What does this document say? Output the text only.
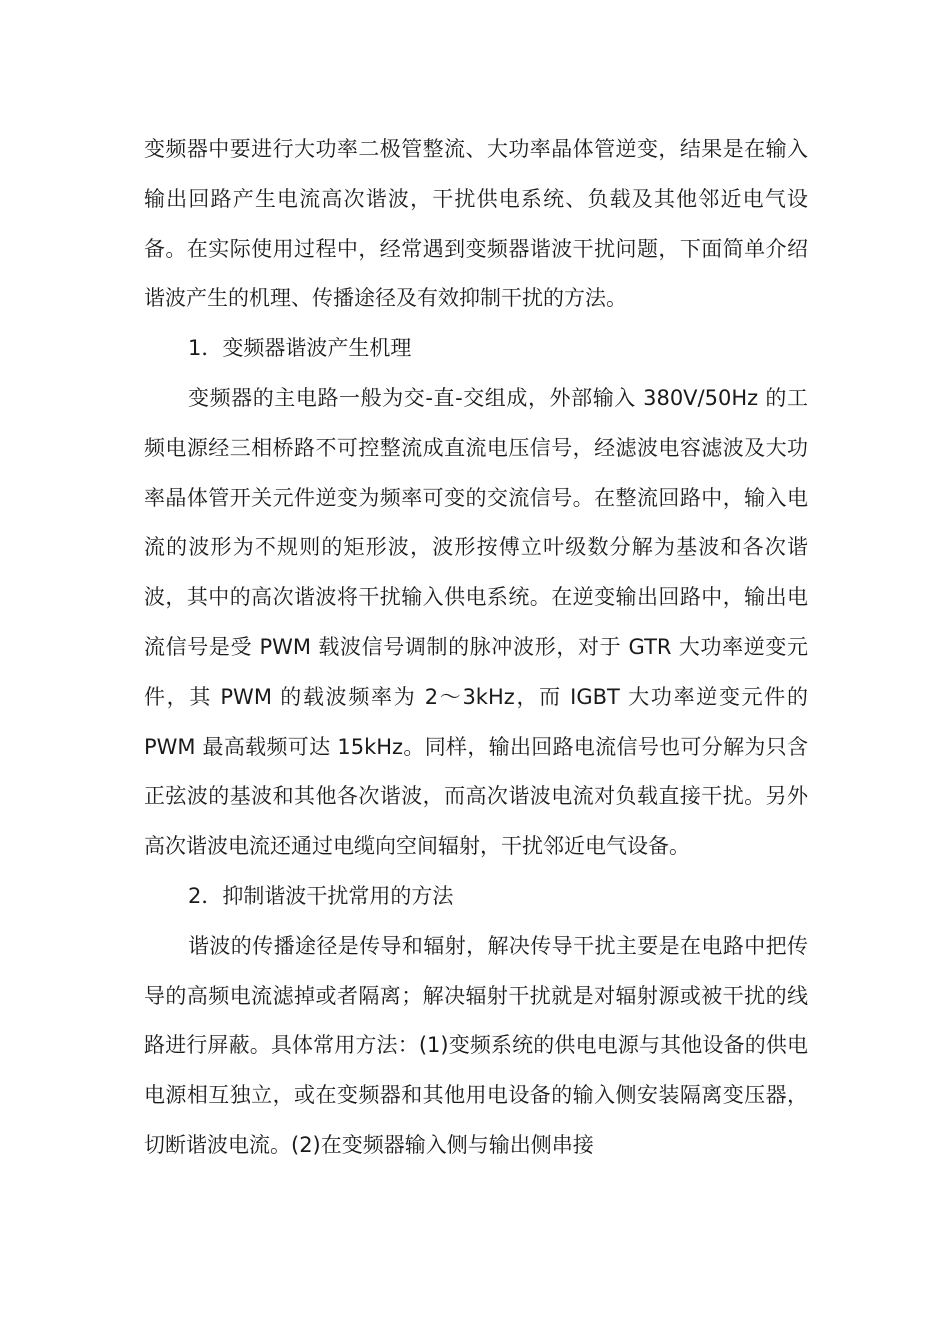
变频器中要进行大功率二极管整流、大功率晶体管逆变，结果是在输入输出回路产生电流高次谐波，干扰供电系统、负载及其他邻近电气设备。在实际使用过程中，经常遇到变频器谐波干扰问题，下面简单介绍谐波产生的机理、传播途径及有效抑制干扰的方法。

1．变频器谐波产生机理

变频器的主电路一般为交-直-交组成，外部输入 380V/50Hz 的工频电源经三相桥路不可控整流成直流电压信号，经滤波电容滤波及大功率晶体管开关元件逆变为频率可变的交流信号。在整流回路中，输入电流的波形为不规则的矩形波，波形按傅立叶级数分解为基波和各次谐波，其中的高次谐波将干扰输入供电系统。在逆变输出回路中，输出电流信号是受 PWM 载波信号调制的脉冲波形，对于 GTR 大功率逆变元件，其 PWM 的载波频率为 2～3kHz，而 IGBT 大功率逆变元件的 PWM 最高载频可达 15kHz。同样，输出回路电流信号也可分解为只含正弦波的基波和其他各次谐波，而高次谐波电流对负载直接干扰。另外高次谐波电流还通过电缆向空间辐射，干扰邻近电气设备。

2．抑制谐波干扰常用的方法

谐波的传播途径是传导和辐射，解决传导干扰主要是在电路中把传导的高频电流滤掉或者隔离；解决辐射干扰就是对辐射源或被干扰的线路进行屏蔽。具体常用方法：(1)变频系统的供电电源与其他设备的供电电源相互独立，或在变频器和其他用电设备的输入侧安装隔离变压器，切断谐波电流。(2)在变频器输入侧与输出侧串接
